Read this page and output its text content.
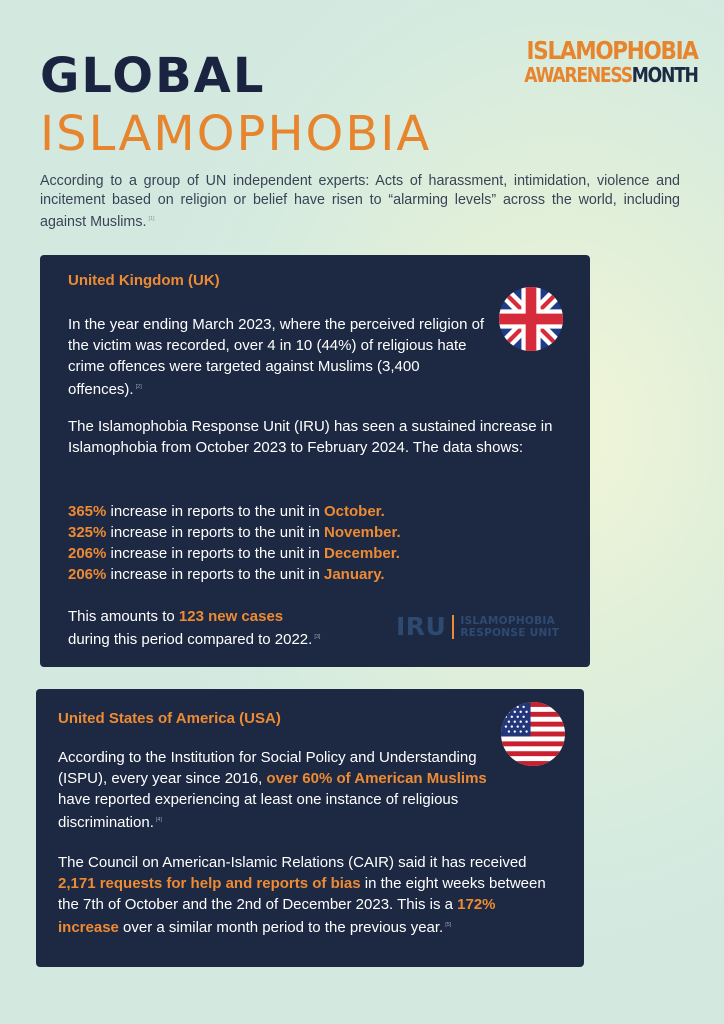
ISLAMOPHOBIA
AWARENESSMONTH
GLOBAL
ISLAMOPHOBIA

According to a group of UN independent experts: Acts of harassment, intimidation, violence and incitement based on religion or belief have risen to “alarming levels” across the world, including against Muslims. [1]

United Kingdom (UK)

In the year ending March 2023, where the perceived religion of the victim was recorded, over 4 in 10 (44%) of religious hate crime offences were targeted against Muslims (3,400 offences). [2]

The Islamophobia Response Unit (IRU) has seen a sustained increase in Islamophobia from October 2023 to February 2024. The data shows:

365% increase in reports to the unit in October.
325% increase in reports to the unit in November.
206% increase in reports to the unit in December.
206% increase in reports to the unit in January.

This amounts to 123 new cases
during this period compared to 2022. [3]	IRU ISLAMOPHOBIA
RESPONSE UNIT
United States of America (USA)

According to the Institution for Social Policy and Understanding (ISPU), every year since 2016, over 60% of American Muslims have reported experiencing at least one instance of religious discrimination. [4]

The Council on American-Islamic Relations (CAIR) said it has received 2,171 requests for help and reports of bias in the eight weeks between the 7th of October and the 2nd of December 2023. This is a 172% increase over a similar month period to the previous year. [5]
